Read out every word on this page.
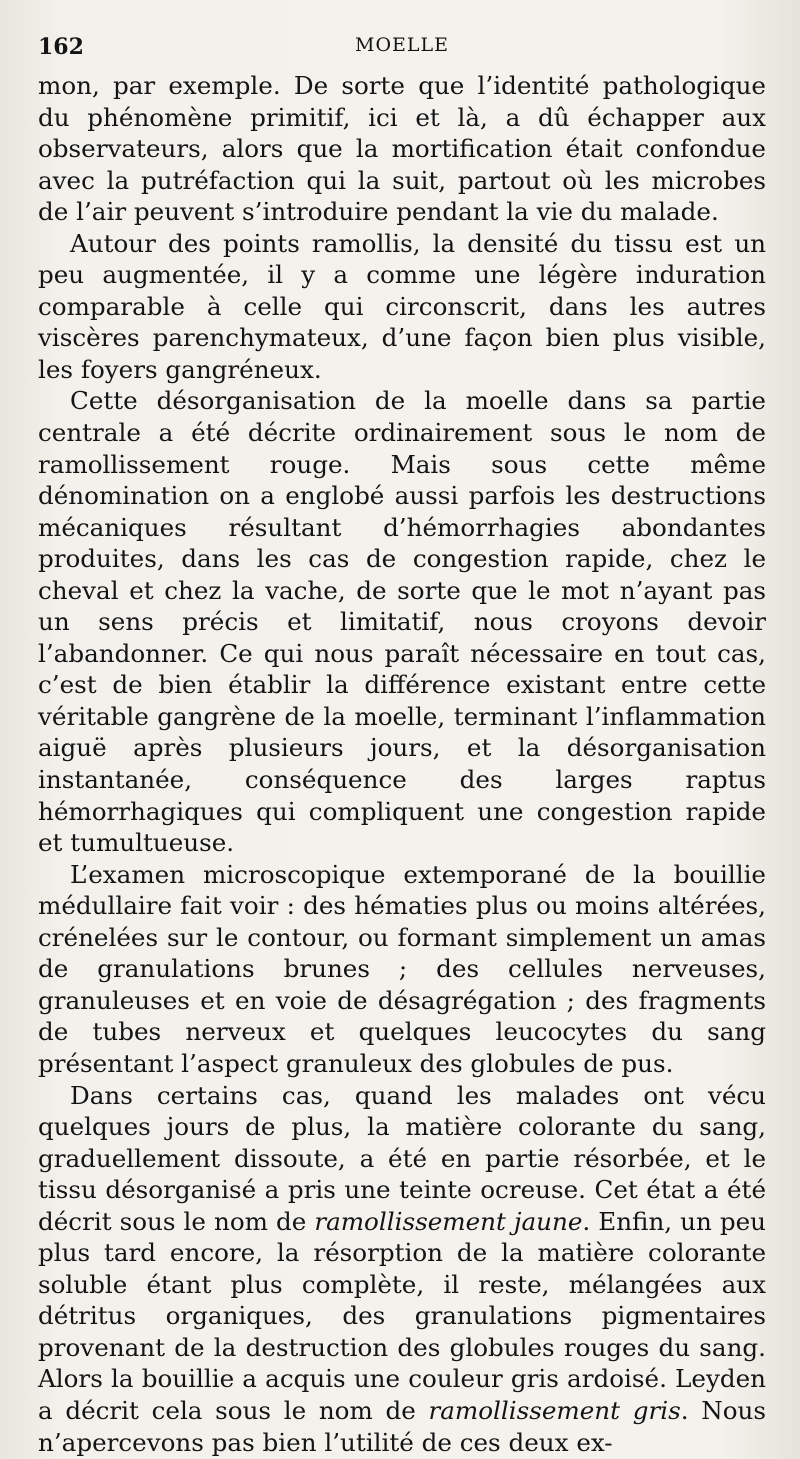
162	MOELLE

mon, par exemple. De sorte que l’identité pathologique du phénomène primitif, ici et là, a dû échapper aux observateurs, alors que la mortification était confondue avec la putréfaction qui la suit, partout où les microbes de l’air peuvent s’introduire pendant la vie du malade.

Autour des points ramollis, la densité du tissu est un peu augmentée, il y a comme une légère induration comparable à celle qui circonscrit, dans les autres viscères parenchymateux, d’une façon bien plus visible, les foyers gangréneux.

Cette désorganisation de la moelle dans sa partie centrale a été décrite ordinairement sous le nom de ramollissement rouge. Mais sous cette même dénomination on a englobé aussi parfois les destructions mécaniques résultant d’hémorrhagies abondantes produites, dans les cas de congestion rapide, chez le cheval et chez la vache, de sorte que le mot n’ayant pas un sens précis et limitatif, nous croyons devoir l’abandonner. Ce qui nous paraît nécessaire en tout cas, c’est de bien établir la différence existant entre cette véritable gangrène de la moelle, terminant l’inflammation aiguë après plusieurs jours, et la désorganisation instantanée, conséquence des larges raptus hémorrhagiques qui compliquent une congestion rapide et tumultueuse.

L’examen microscopique extemporané de la bouillie médullaire fait voir : des hématies plus ou moins altérées, crénelées sur le contour, ou formant simplement un amas de granulations brunes ; des cellules nerveuses, granuleuses et en voie de désagrégation ; des fragments de tubes nerveux et quelques leucocytes du sang présentant l’aspect granuleux des globules de pus.

Dans certains cas, quand les malades ont vécu quelques jours de plus, la matière colorante du sang, graduellement dissoute, a été en partie résorbée, et le tissu désorganisé a pris une teinte ocreuse. Cet état a été décrit sous le nom de ramollissement jaune. Enfin, un peu plus tard encore, la résorption de la matière colorante soluble étant plus complète, il reste, mélangées aux détritus organiques, des granulations pigmentaires provenant de la destruction des globules rouges du sang. Alors la bouillie a acquis une couleur gris ardoisé. Leyden a décrit cela sous le nom de ramollissement gris. Nous n’apercevons pas bien l’utilité de ces deux ex-
